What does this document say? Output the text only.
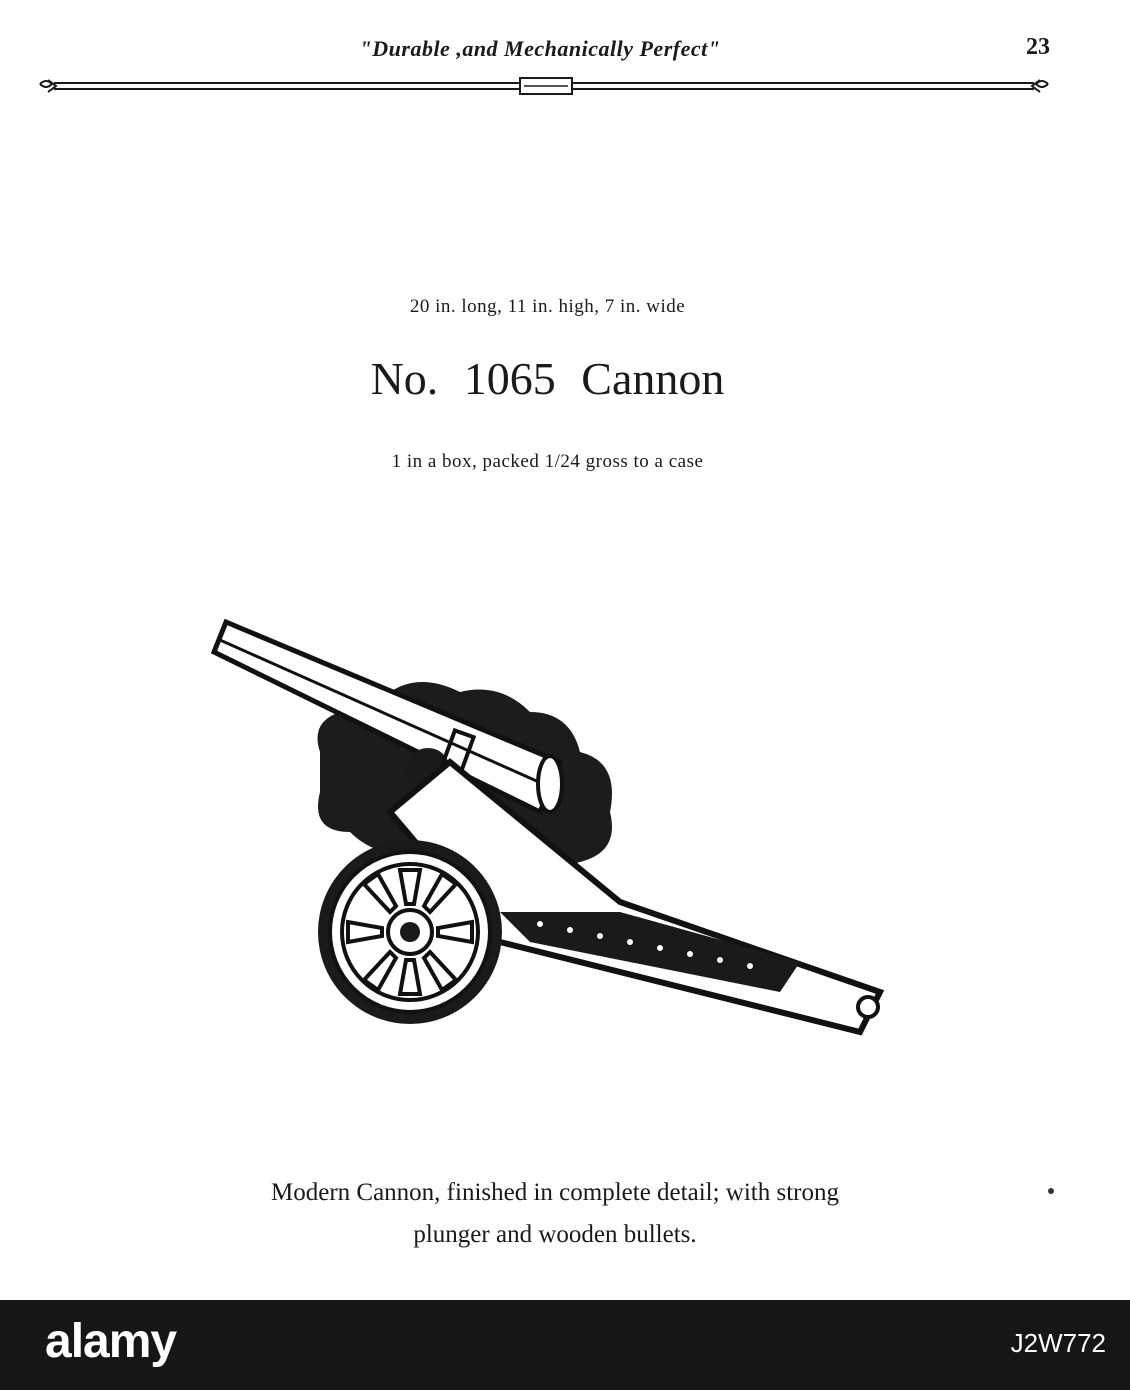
"Durable ,and Mechanically Perfect"	23
20 in. long, 11 in. high, 7 in. wide
No. 1065 Cannon
1 in a box, packed 1/24 gross to a case
Modern Cannon, finished in complete detail; with strong
plunger and wooden bullets.
alamy	J2W772
